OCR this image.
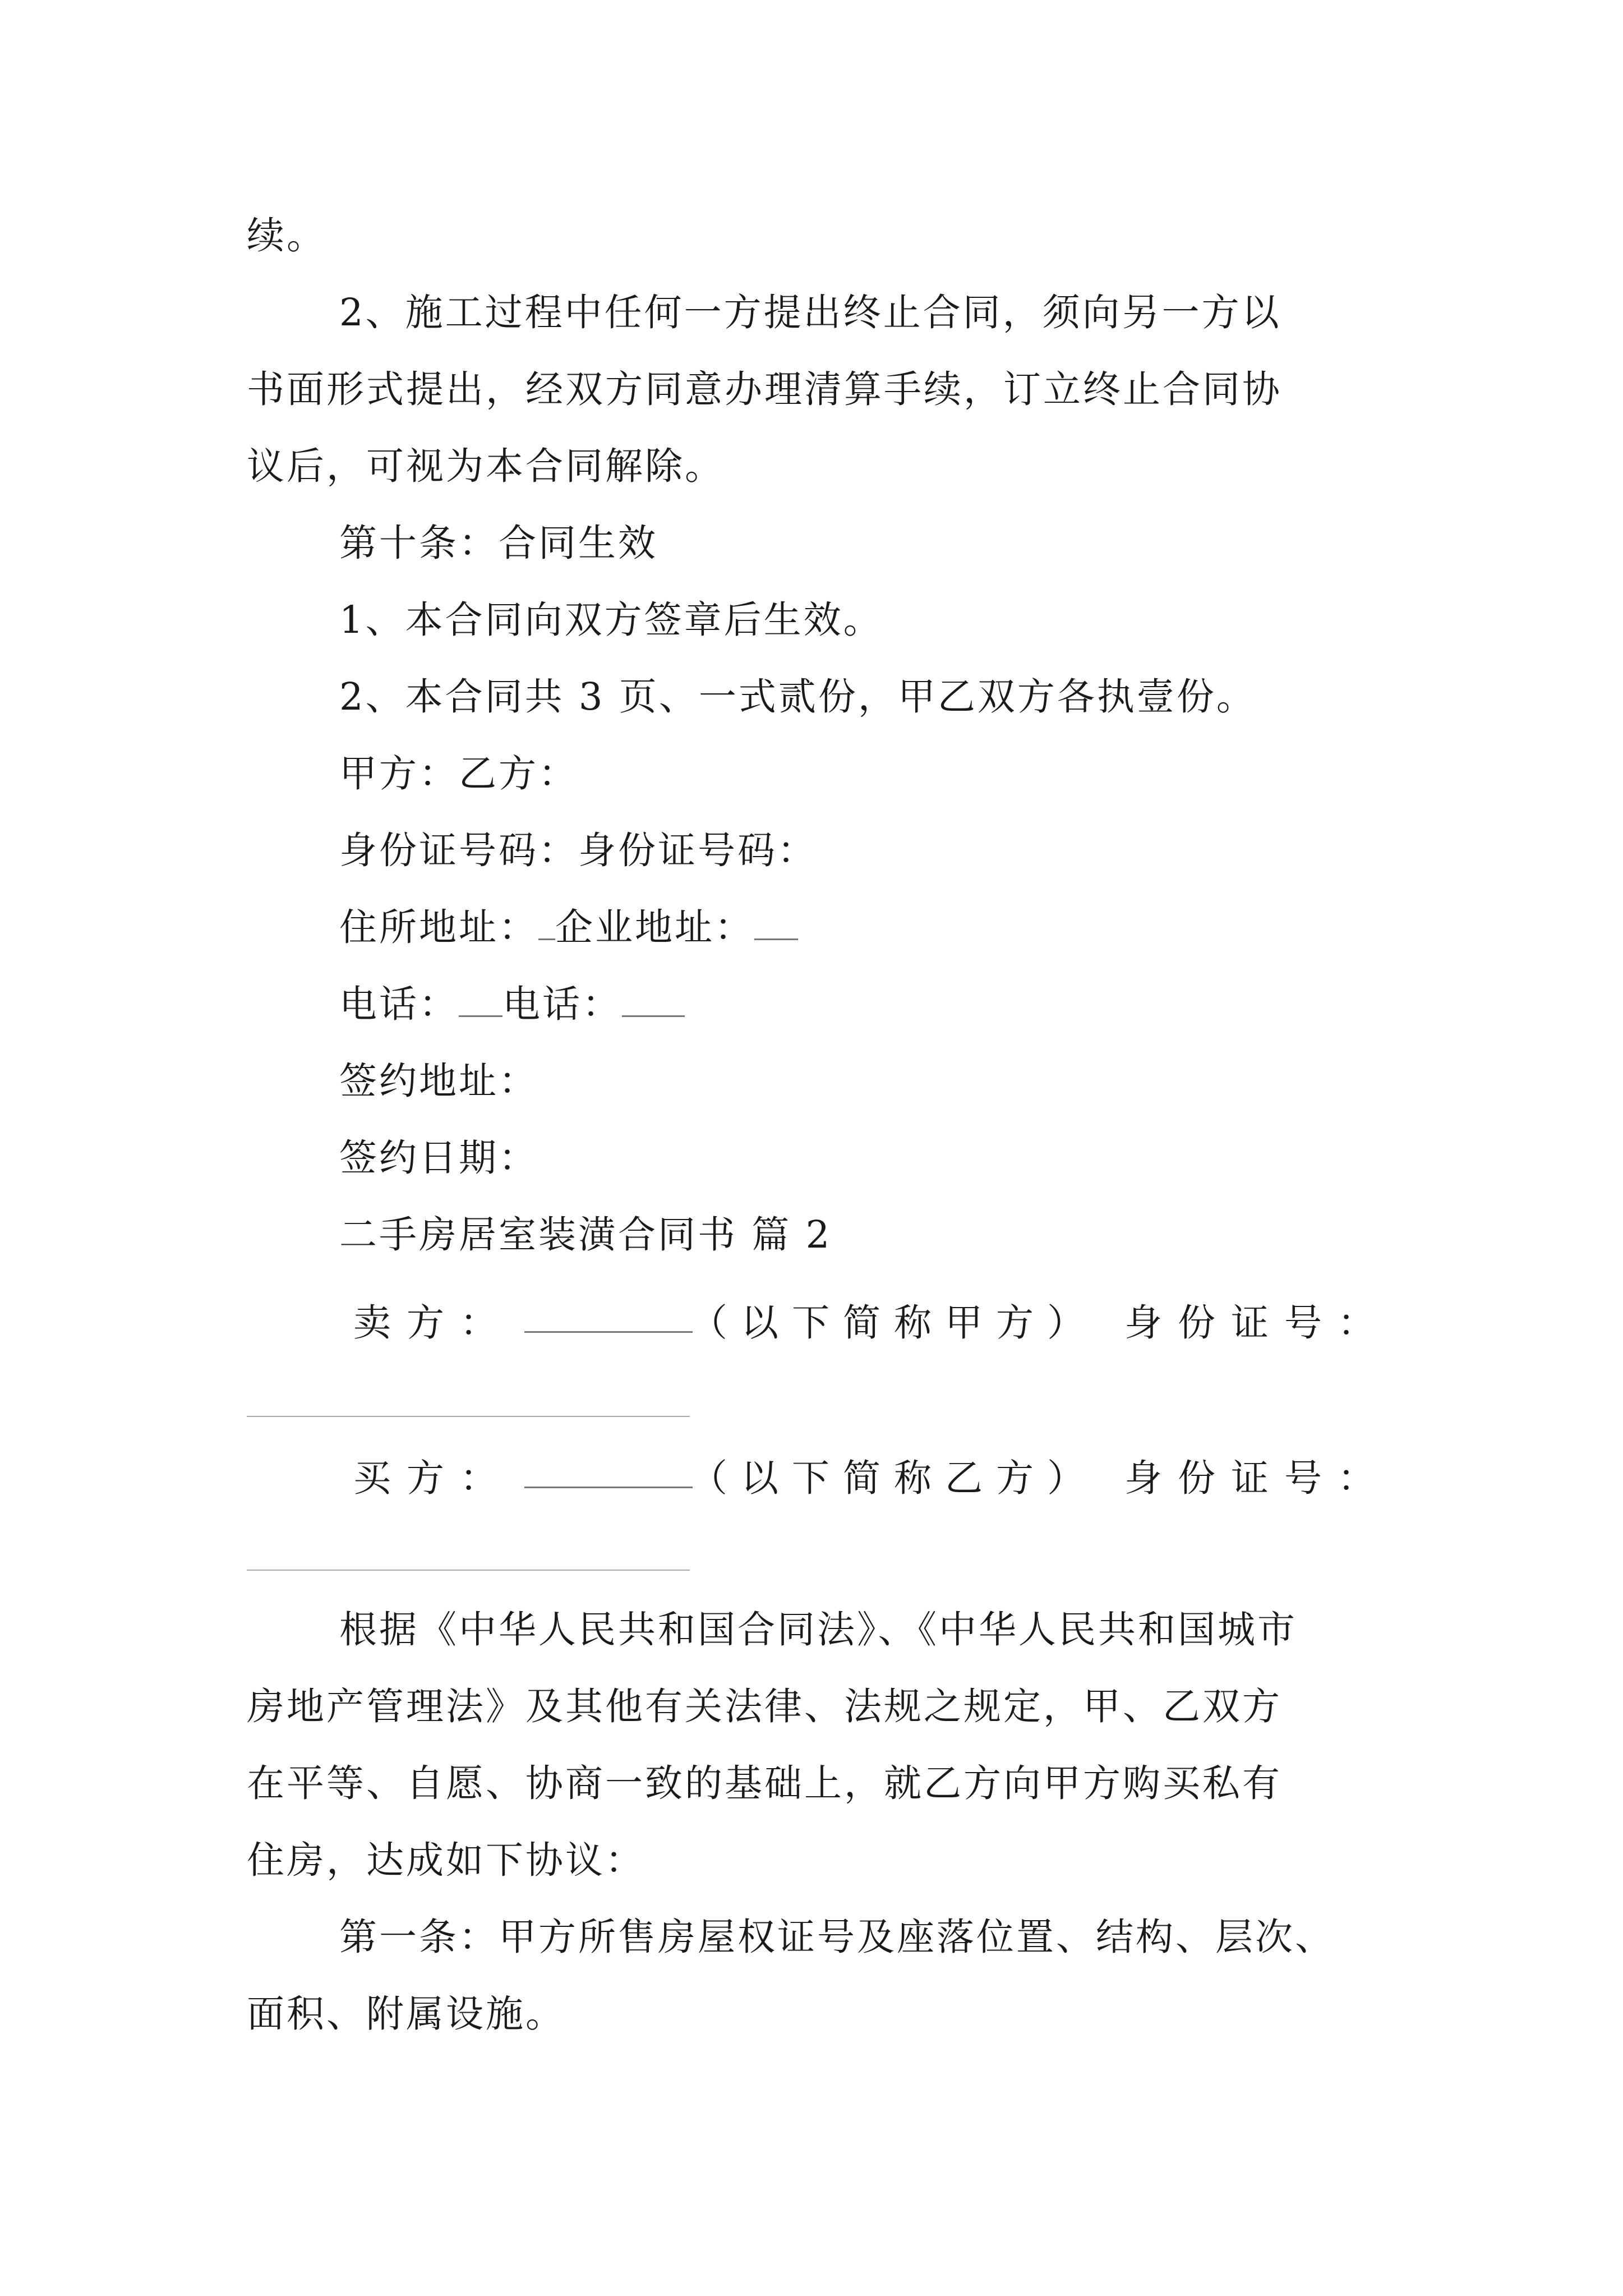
续。
2、施工过程中任何一方提出终止合同，须向另一方以
书面形式提出，经双方同意办理清算手续，订立终止合同协
议后，可视为本合同解除。
第十条：合同生效
1、本合同向双方签章后生效。
2、本合同共 3 页、一式贰份，甲乙双方各执壹份。
甲方：乙方：
身份证号码：身份证号码：
住所地址： 企业地址：
电话： 电话：
签约地址：
签约日期：
二手房居室装潢合同书 篇 2
卖方：	（以下简称甲方） 身份证号：
买方：	（以下简称乙方） 身份证号：
根据《中华人民共和国合同法》、《中华人民共和国城市
房地产管理法》及其他有关法律、法规之规定，甲、乙双方
在平等、自愿、协商一致的基础上，就乙方向甲方购买私有
住房，达成如下协议：
第一条：甲方所售房屋权证号及座落位置、结构、层次、
面积、附属设施。
